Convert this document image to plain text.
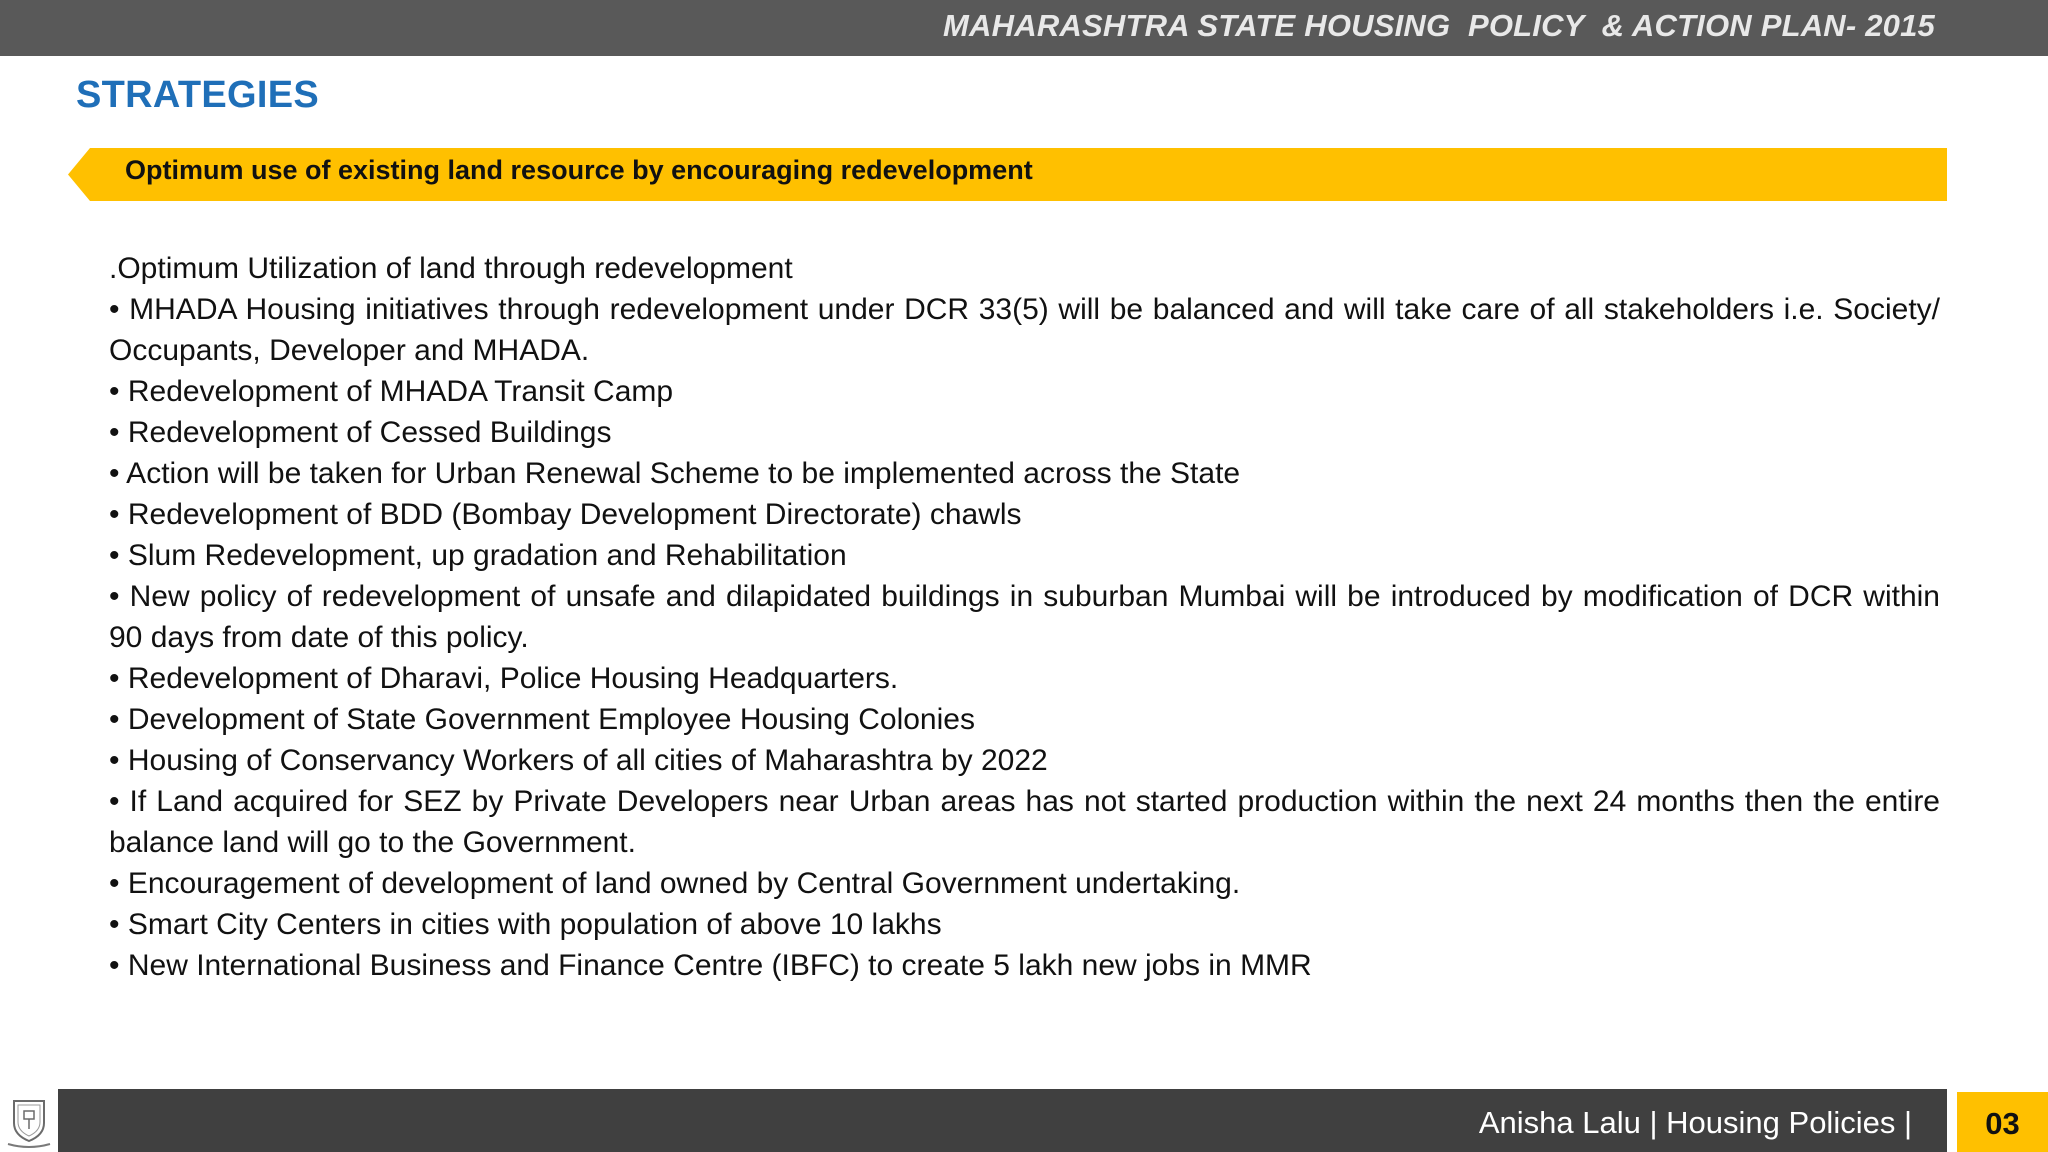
MAHARASHTRA STATE HOUSING  POLICY  & ACTION PLAN- 2015
STRATEGIES
Optimum use of existing land resource by encouraging redevelopment

.Optimum Utilization of land through redevelopment

• MHADA Housing initiatives through redevelopment under DCR 33(5) will be balanced and will take care of all stakeholders i.e. Society/ Occupants, Developer and MHADA.

• Redevelopment of MHADA Transit Camp

• Redevelopment of Cessed Buildings

• Action will be taken for Urban Renewal Scheme to be implemented across the State

• Redevelopment of BDD (Bombay Development Directorate) chawls

• Slum Redevelopment, up gradation and Rehabilitation

• New policy of redevelopment of unsafe and dilapidated buildings in suburban Mumbai will be introduced by modification of DCR within 90 days from date of this policy.

• Redevelopment of Dharavi, Police Housing Headquarters.

• Development of State Government Employee Housing Colonies

• Housing of Conservancy Workers of all cities of Maharashtra by 2022

• If Land acquired for SEZ by Private Developers near Urban areas has not started production within the next 24 months then the entire balance land will go to the Government.

• Encouragement of development of land owned by Central Government undertaking.

• Smart City Centers in cities with population of above 10 lakhs

• New International Business and Finance Centre (IBFC) to create 5 lakh new jobs in MMR

Anisha Lalu | Housing Policies |	03
